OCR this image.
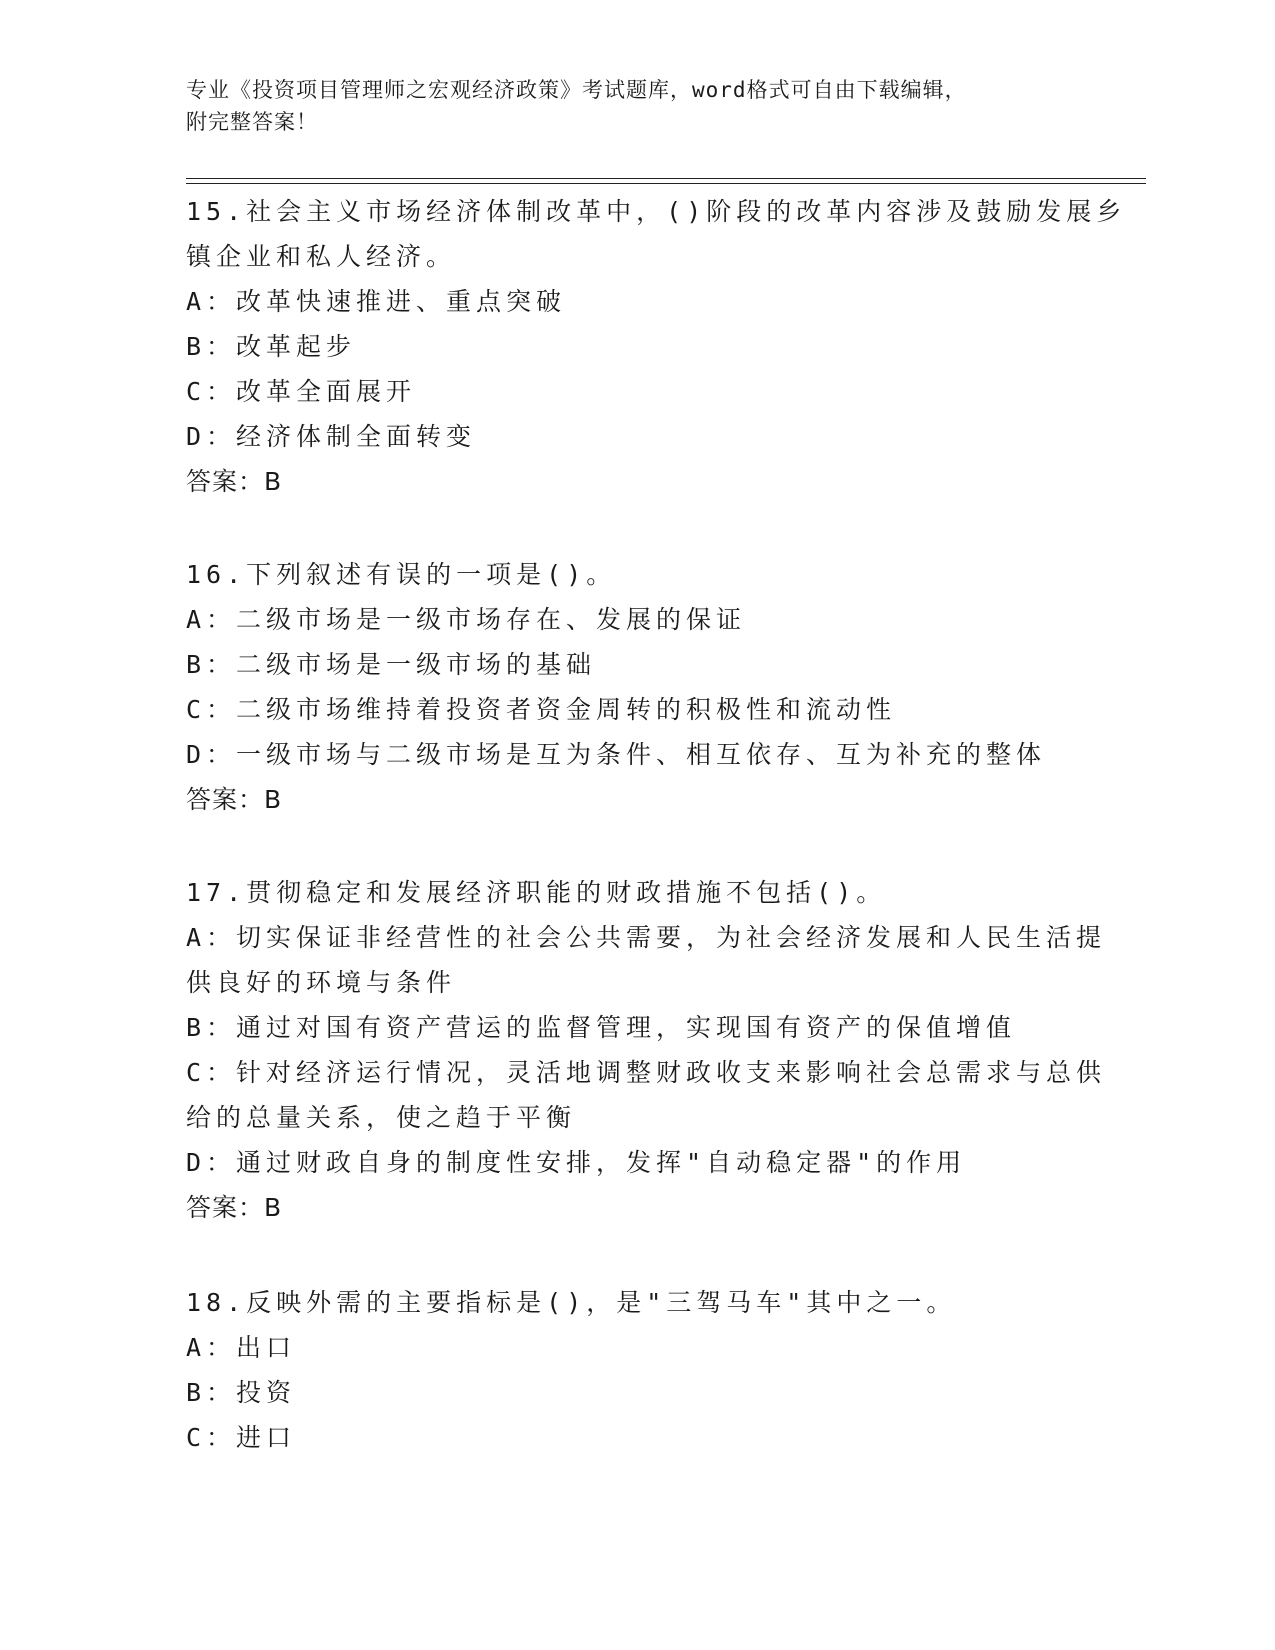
专业《投资项目管理师之宏观经济政策》考试题库，word格式可自由下载编辑，
附完整答案！
15.社会主义市场经济体制改革中，()阶段的改革内容涉及鼓励发展乡
镇企业和私人经济。
A：改革快速推进、重点突破
B：改革起步
C：改革全面展开
D：经济体制全面转变
答案：B
16.下列叙述有误的一项是()。
A：二级市场是一级市场存在、发展的保证
B：二级市场是一级市场的基础
C：二级市场维持着投资者资金周转的积极性和流动性
D：一级市场与二级市场是互为条件、相互依存、互为补充的整体
答案：B
17.贯彻稳定和发展经济职能的财政措施不包括()。
A：切实保证非经营性的社会公共需要，为社会经济发展和人民生活提
供良好的环境与条件
B：通过对国有资产营运的监督管理，实现国有资产的保值增值
C：针对经济运行情况，灵活地调整财政收支来影响社会总需求与总供
给的总量关系，使之趋于平衡
D：通过财政自身的制度性安排，发挥"自动稳定器"的作用
答案：B
18.反映外需的主要指标是()，是"三驾马车"其中之一。
A：出口
B：投资
C：进口
